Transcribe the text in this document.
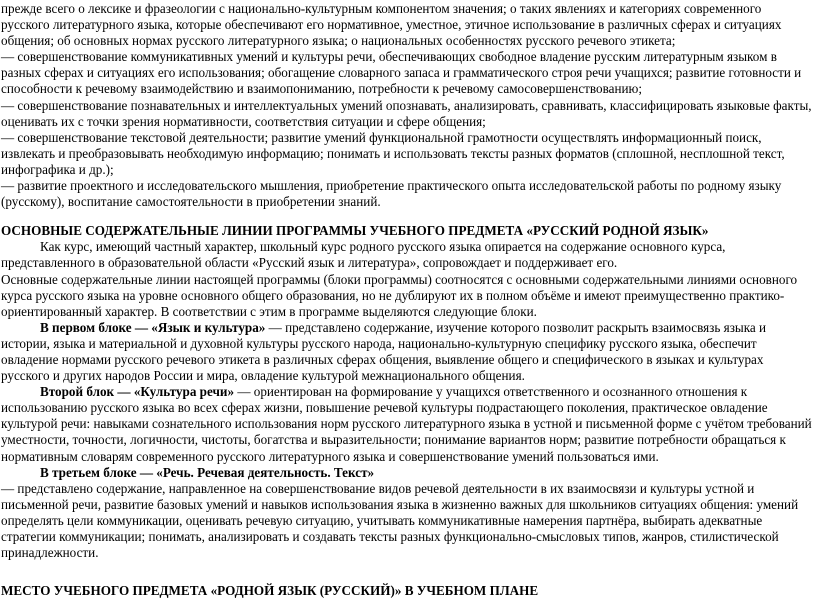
прежде всего о лексике и фразеологии с национально-культурным компонентом значения; о таких явлениях и категориях современного русского литературного языка, которые обеспечивают его нормативное, уместное, этичное использование в различных сферах и ситуациях общения; об основных нормах русского литературного языка; о национальных особенностях русского речевого этикета;

— совершенствование коммуникативных умений и культуры речи, обеспечивающих свободное владение русским литературным языком в разных сферах и ситуациях его использования; обогащение словарного запаса и грамматического строя речи учащихся; развитие готовности и способности к речевому взаимодействию и взаимопониманию, потребности к речевому самосовершенствованию;

— совершенствование познавательных и интеллектуальных умений опознавать, анализировать, сравнивать, классифицировать языковые факты, оценивать их с точки зрения нормативности, соответствия ситуации и сфере общения;

— совершенствование текстовой деятельности; развитие умений функциональной грамотности осуществлять информационный поиск, извлекать и преобразовывать необходимую информацию; понимать и использовать тексты разных форматов (сплошной, несплошной текст, инфографика и др.);

— развитие проектного и исследовательского мышления, приобретение практического опыта исследовательской работы по родному языку (русскому), воспитание самостоятельности в приобретении знаний.

ОСНОВНЫЕ СОДЕРЖАТЕЛЬНЫЕ ЛИНИИ ПРОГРАММЫ УЧЕБНОГО ПРЕДМЕТА «РУССКИЙ РОДНОЙ ЯЗЫК»

Как курс, имеющий частный характер, школьный курс родного русского языка опирается на содержание основного курса, представленного в образовательной области «Русский язык и литература», сопровождает и поддерживает его.

Основные содержательные линии настоящей программы (блоки программы) соотносятся с основными содержательными линиями основного курса русского языка на уровне основного общего образования, но не дублируют их в полном объёме и имеют преимущественно практико-ориентированный характер. В соответствии с этим в программе выделяются следующие блоки.

В первом блоке — «Язык и культура» — представлено содержание, изучение которого позволит раскрыть взаимосвязь языка и истории, языка и материальной и духовной культуры русского народа, национально-культурную специфику русского языка, обеспечит овладение нормами русского речевого этикета в различных сферах общения, выявление общего и специфического в языках и культурах русского и других народов России и мира, овладение культурой межнационального общения.

Второй блок — «Культура речи» — ориентирован на формирование у учащихся ответственного и осознанного отношения к использованию русского языка во всех сферах жизни, повышение речевой культуры подрастающего поколения, практическое овладение культурой речи: навыками сознательного использования норм русского литературного языка в устной и письменной форме с учётом требований уместности, точности, логичности, чистоты, богатства и выразительности; понимание вариантов норм; развитие потребности обращаться к нормативным словарям современного русского литературного языка и совершенствование умений пользоваться ими.

В третьем блоке — «Речь. Речевая деятельность. Текст»

— представлено содержание, направленное на совершенствование видов речевой деятельности в их взаимосвязи и культуры устной и письменной речи, развитие базовых умений и навыков использования языка в жизненно важных для школьников ситуациях общения: умений определять цели коммуникации, оценивать речевую ситуацию, учитывать коммуникативные намерения партнёра, выбирать адекватные стратегии коммуникации; понимать, анализировать и создавать тексты разных функционально-смысловых типов, жанров, стилистической принадлежности.

МЕСТО УЧЕБНОГО ПРЕДМЕТА «РОДНОЙ ЯЗЫК (РУССКИЙ)» В УЧЕБНОМ ПЛАНЕ
